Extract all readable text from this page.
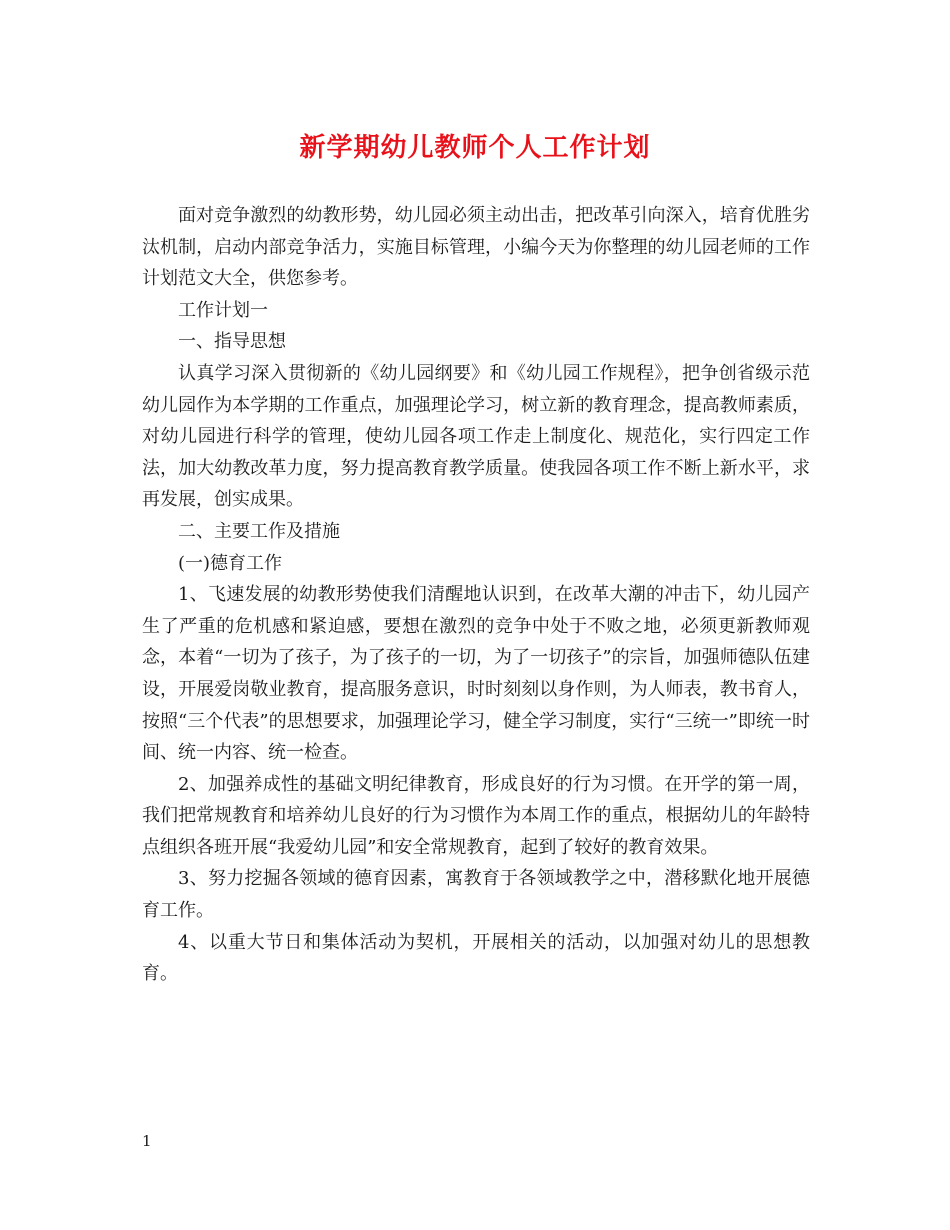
新学期幼儿教师个人工作计划

面对竞争激烈的幼教形势，幼儿园必须主动出击，把改革引向深入，培育优胜劣 汰机制，启动内部竞争活力，实施目标管理，小编今天为你整理的幼儿园老师的工作计划范文大全，供您参考。

工作计划一

一、指导思想

认真学习深入贯彻新的《幼儿园纲要》和《幼儿园工作规程》，把争创省级示范幼儿园作为本学期的工作重点，加强理论学习，树立新的教育理念，提高教师素质，对幼儿园进行科学的管理，使幼儿园各项工作走上制度化、规范化，实行四定工作法，加大幼教改革力度，努力提高教育教学质量。使我园各项工作不断上新水平，求再发展，创实成果。

二、主要工作及措施

(一)德育工作

1、飞速发展的幼教形势使我们清醒地认识到，在改革大潮的冲击下，幼儿园产生了严重的危机感和紧迫感，要想在激烈的竞争中处于不败之地，必须更新教师观念，本着“一切为了孩子，为了孩子的一切，为了一切孩子”的宗旨，加强师德队伍建设，开展爱岗敬业教育，提高服务意识，时时刻刻以身作则，为人师表，教书育人，按照“三个代表”的思想要求，加强理论学习，健全学习制度，实行“三统一”即统一时间、统一内容、统一检查。

2、加强养成性的基础文明纪律教育，形成良好的行为习惯。在开学的第一周，我们把常规教育和培养幼儿良好的行为习惯作为本周工作的重点，根据幼儿的年龄特点组织各班开展“我爱幼儿园”和安全常规教育，起到了较好的教育效果。

3、努力挖掘各领域的德育因素，寓教育于各领域教学之中，潜移默化地开展德育工作。

4、以重大节日和集体活动为契机，开展相关的活动，以加强对幼儿的思想教育。

1
